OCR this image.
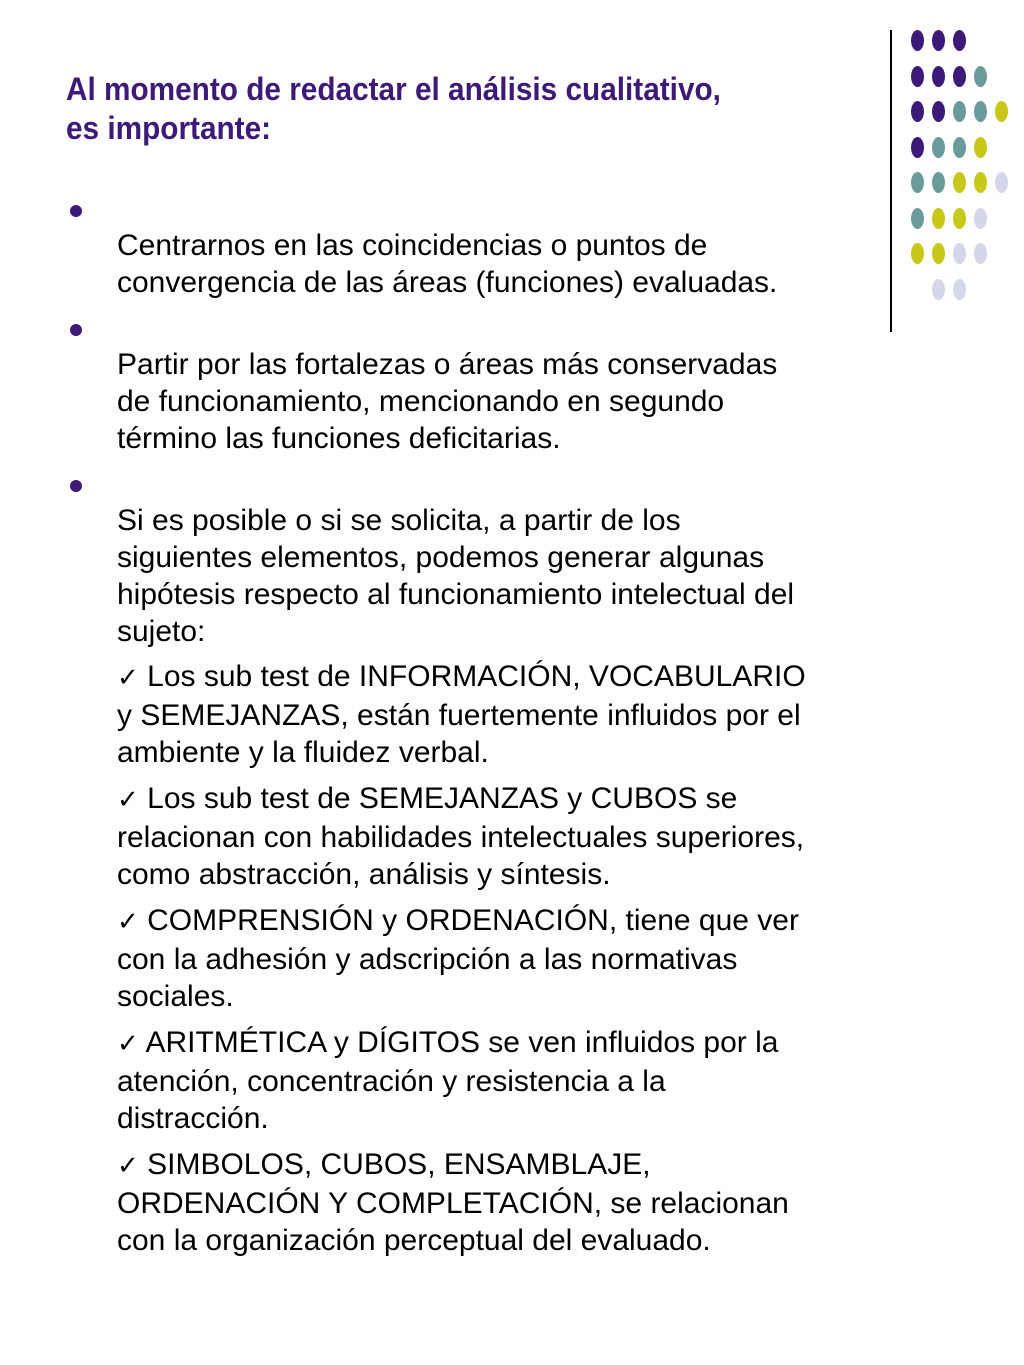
Al momento de redactar el análisis cualitativo,
es importante:

Centrarnos en las coincidencias o puntos de
convergencia de las áreas (funciones) evaluadas.

Partir por las fortalezas o áreas más conservadas
de funcionamiento, mencionando en segundo
término las funciones deficitarias.

Si es posible o si se solicita, a partir de los
siguientes elementos, podemos generar algunas
hipótesis respecto al funcionamiento intelectual del
sujeto:

✓ Los sub test de INFORMACIÓN, VOCABULARIO
y SEMEJANZAS, están fuertemente influidos por el
ambiente y la fluidez verbal.
✓ Los sub test de SEMEJANZAS y CUBOS se
relacionan con habilidades intelectuales superiores,
como abstracción, análisis y síntesis.
✓ COMPRENSIÓN y ORDENACIÓN, tiene que ver
con la adhesión y adscripción a las normativas
sociales.
✓ ARITMÉTICA y DÍGITOS se ven influidos por la
atención, concentración y resistencia a la
distracción.
✓ SIMBOLOS, CUBOS, ENSAMBLAJE,
ORDENACIÓN Y COMPLETACIÓN, se relacionan
con la organización perceptual del evaluado.
